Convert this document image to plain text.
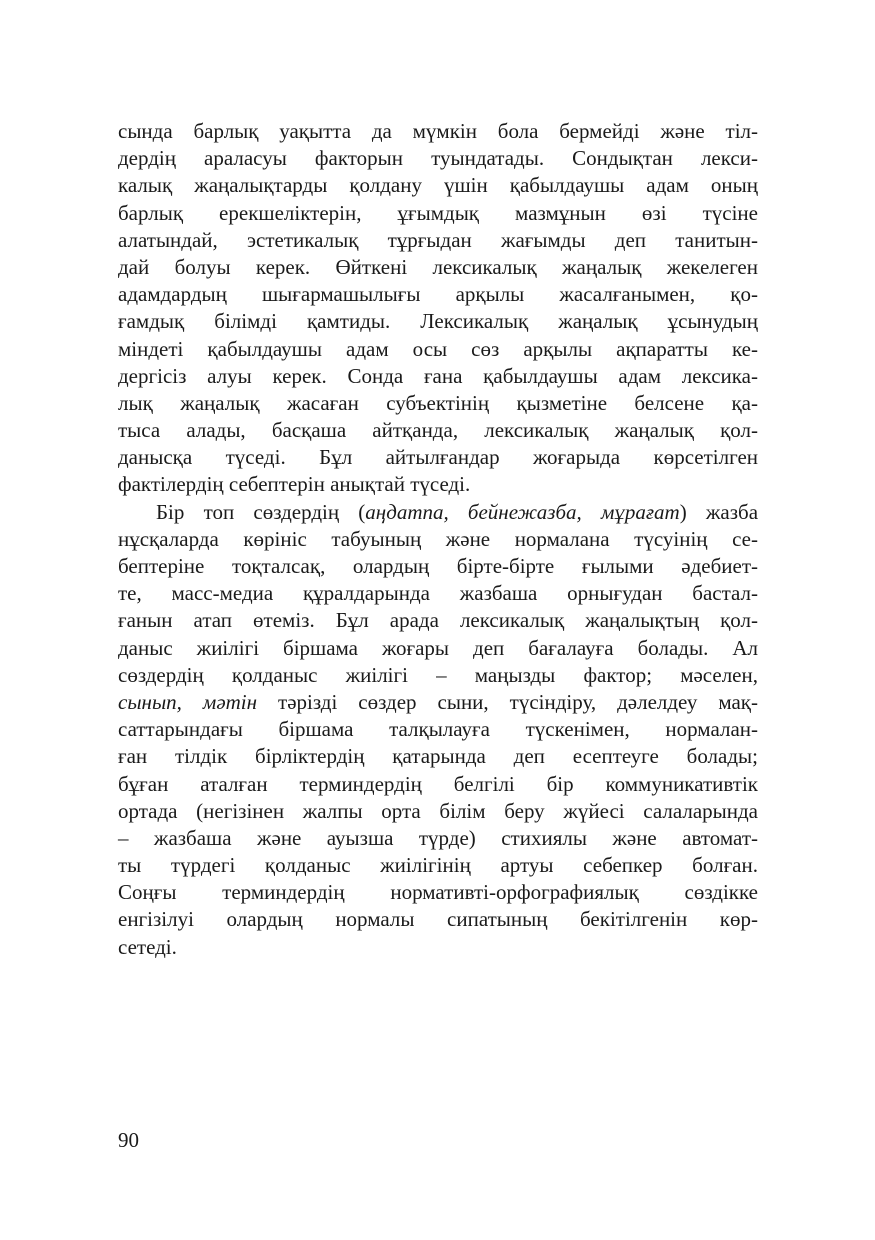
сында барлық уақытта да мүмкін бола бермейді және тіл-
дердің араласуы факторын туындатады. Сондықтан лекси-
калық жаңалықтарды қолдану үшін қабылдаушы адам оның
барлық ерекшеліктерін, ұғымдық мазмұнын өзі түсіне
алатындай, эстетикалық тұрғыдан жағымды деп танитын-
дай болуы керек. Өйткені лексикалық жаңалық жекелеген
адамдардың шығармашылығы арқылы жасалғанымен, қо-
ғамдық білімді қамтиды. Лексикалық жаңалық ұсынудың
міндеті қабылдаушы адам осы сөз арқылы ақпаратты ке-
дергісіз алуы керек. Сонда ғана қабылдаушы адам лексика-
лық жаңалық жасаған субъектінің қызметіне белсене қа-
тыса алады, басқаша айтқанда, лексикалық жаңалық қол-
данысқа түседі. Бұл айтылғандар жоғарыда көрсетілген
фактілердің себептерін анықтай түседі.
Бір топ сөздердің (аңдатпа, бейнежазба, мұрағат) жазба
нұсқаларда көрініс табуының және нормалана түсуінің се-
бептеріне тоқталсақ, олардың бірте-бірте ғылыми әдебиет-
те, масс-медиа құралдарында жазбаша орнығудан бастал-
ғанын атап өтеміз. Бұл арада лексикалық жаңалықтың қол-
даныс жиілігі біршама жоғары деп бағалауға болады. Ал
сөздердің қолданыс жиілігі – маңызды фактор; мәселен,
сынып, мәтін тәрізді сөздер сыни, түсіндіру, дәлелдеу мақ-
саттарындағы біршама талқылауға түскенімен, нормалан-
ған тілдік бірліктердің қатарында деп есептеуге болады;
бұған аталған терминдердің белгілі бір коммуникативтік
ортада (негізінен жалпы орта білім беру жүйесі салаларында
– жазбаша және ауызша түрде) стихиялы және автомат-
ты түрдегі қолданыс жиілігінің артуы себепкер болған.
Соңғы терминдердің нормативті-орфографиялық сөздікке
енгізілуі олардың нормалы сипатының бекітілгенін көр-
сетеді.
90
